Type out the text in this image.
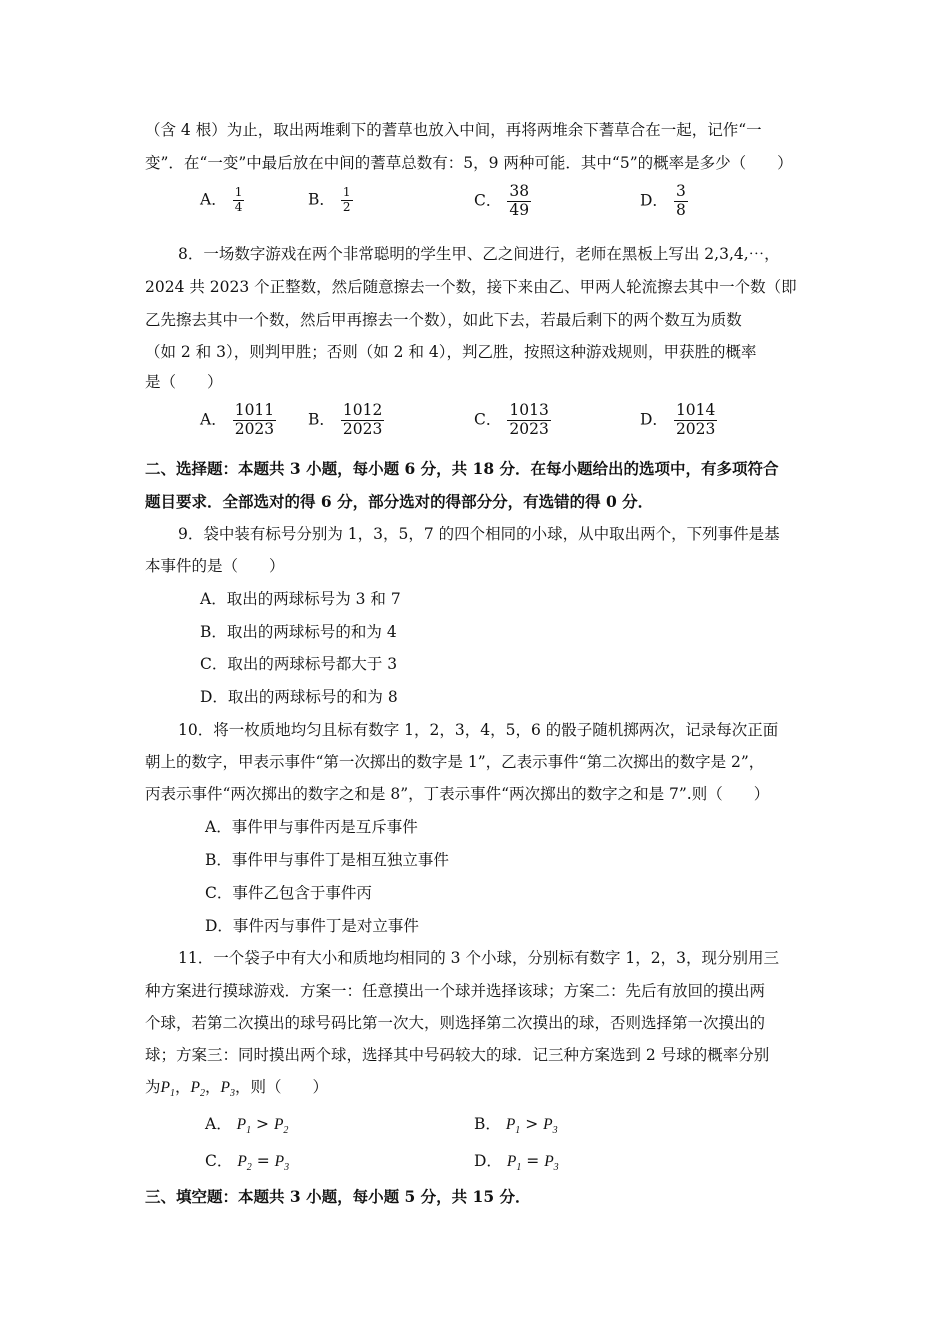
（含 4 根）为止，取出两堆剩下的蓍草也放入中间，再将两堆余下蓍草合在一起，记作“一
变”．在“一变”中最后放在中间的蓍草总数有：5，9 两种可能．其中“5”的概率是多少（　　）
A． $\frac{1}{4}$	B． $\frac{1}{2}$	C． $\frac{38}{49}$	D． $\frac{3}{8}$
8．一场数字游戏在两个非常聪明的学生甲、乙之间进行，老师在黑板上写出 2,3,4,⋯，
2024 共 2023 个正整数，然后随意擦去一个数，接下来由乙、甲两人轮流擦去其中一个数（即
乙先擦去其中一个数，然后甲再擦去一个数），如此下去，若最后剩下的两个数互为质数
（如 2 和 3），则判甲胜；否则（如 2 和 4），判乙胜，按照这种游戏规则，甲获胜的概率
是（　　）
A． $\frac{1011}{2023}$ B． $\frac{1012}{2023}$	C． $\frac{1013}{2023}$	D． $\frac{1014}{2023}$
二、选择题：本题共 3 小题，每小题 6 分，共 18 分．在每小题给出的选项中，有多项符合
题目要求．全部选对的得 6 分，部分选对的得部分分，有选错的得 0 分．
9．袋中装有标号分别为 1，3，5，7 的四个相同的小球，从中取出两个，下列事件是基
本事件的是（　　）
A．取出的两球标号为 3 和 7
B．取出的两球标号的和为 4
C．取出的两球标号都大于 3
D．取出的两球标号的和为 8
10．将一枚质地均匀且标有数字 1，2，3，4，5，6 的骰子随机掷两次，记录每次正面
朝上的数字，甲表示事件“第一次掷出的数字是 1”，乙表示事件“第二次掷出的数字是 2”，
丙表示事件“两次掷出的数字之和是 8”，丁表示事件“两次掷出的数字之和是 7”.则（　　）
A．事件甲与事件丙是互斥事件
B．事件甲与事件丁是相互独立事件
C．事件乙包含于事件丙
D．事件丙与事件丁是对立事件
11．一个袋子中有大小和质地均相同的 3 个小球，分别标有数字 1，2，3，现分别用三
种方案进行摸球游戏．方案一：任意摸出一个球并选择该球；方案二：先后有放回的摸出两
个球，若第二次摸出的球号码比第一次大，则选择第二次摸出的球，否则选择第一次摸出的
球；方案三：同时摸出两个球，选择其中号码较大的球．记三种方案选到 2 号球的概率分别
为$P_1$，$P_2$，$P_3$，则（　　）
A． $P_1 > P_2$	B． $P_1 > P_3$
C． $P_2 = P_3$	D． $P_1 = P_3$
三、填空题：本题共 3 小题，每小题 5 分，共 15 分．
